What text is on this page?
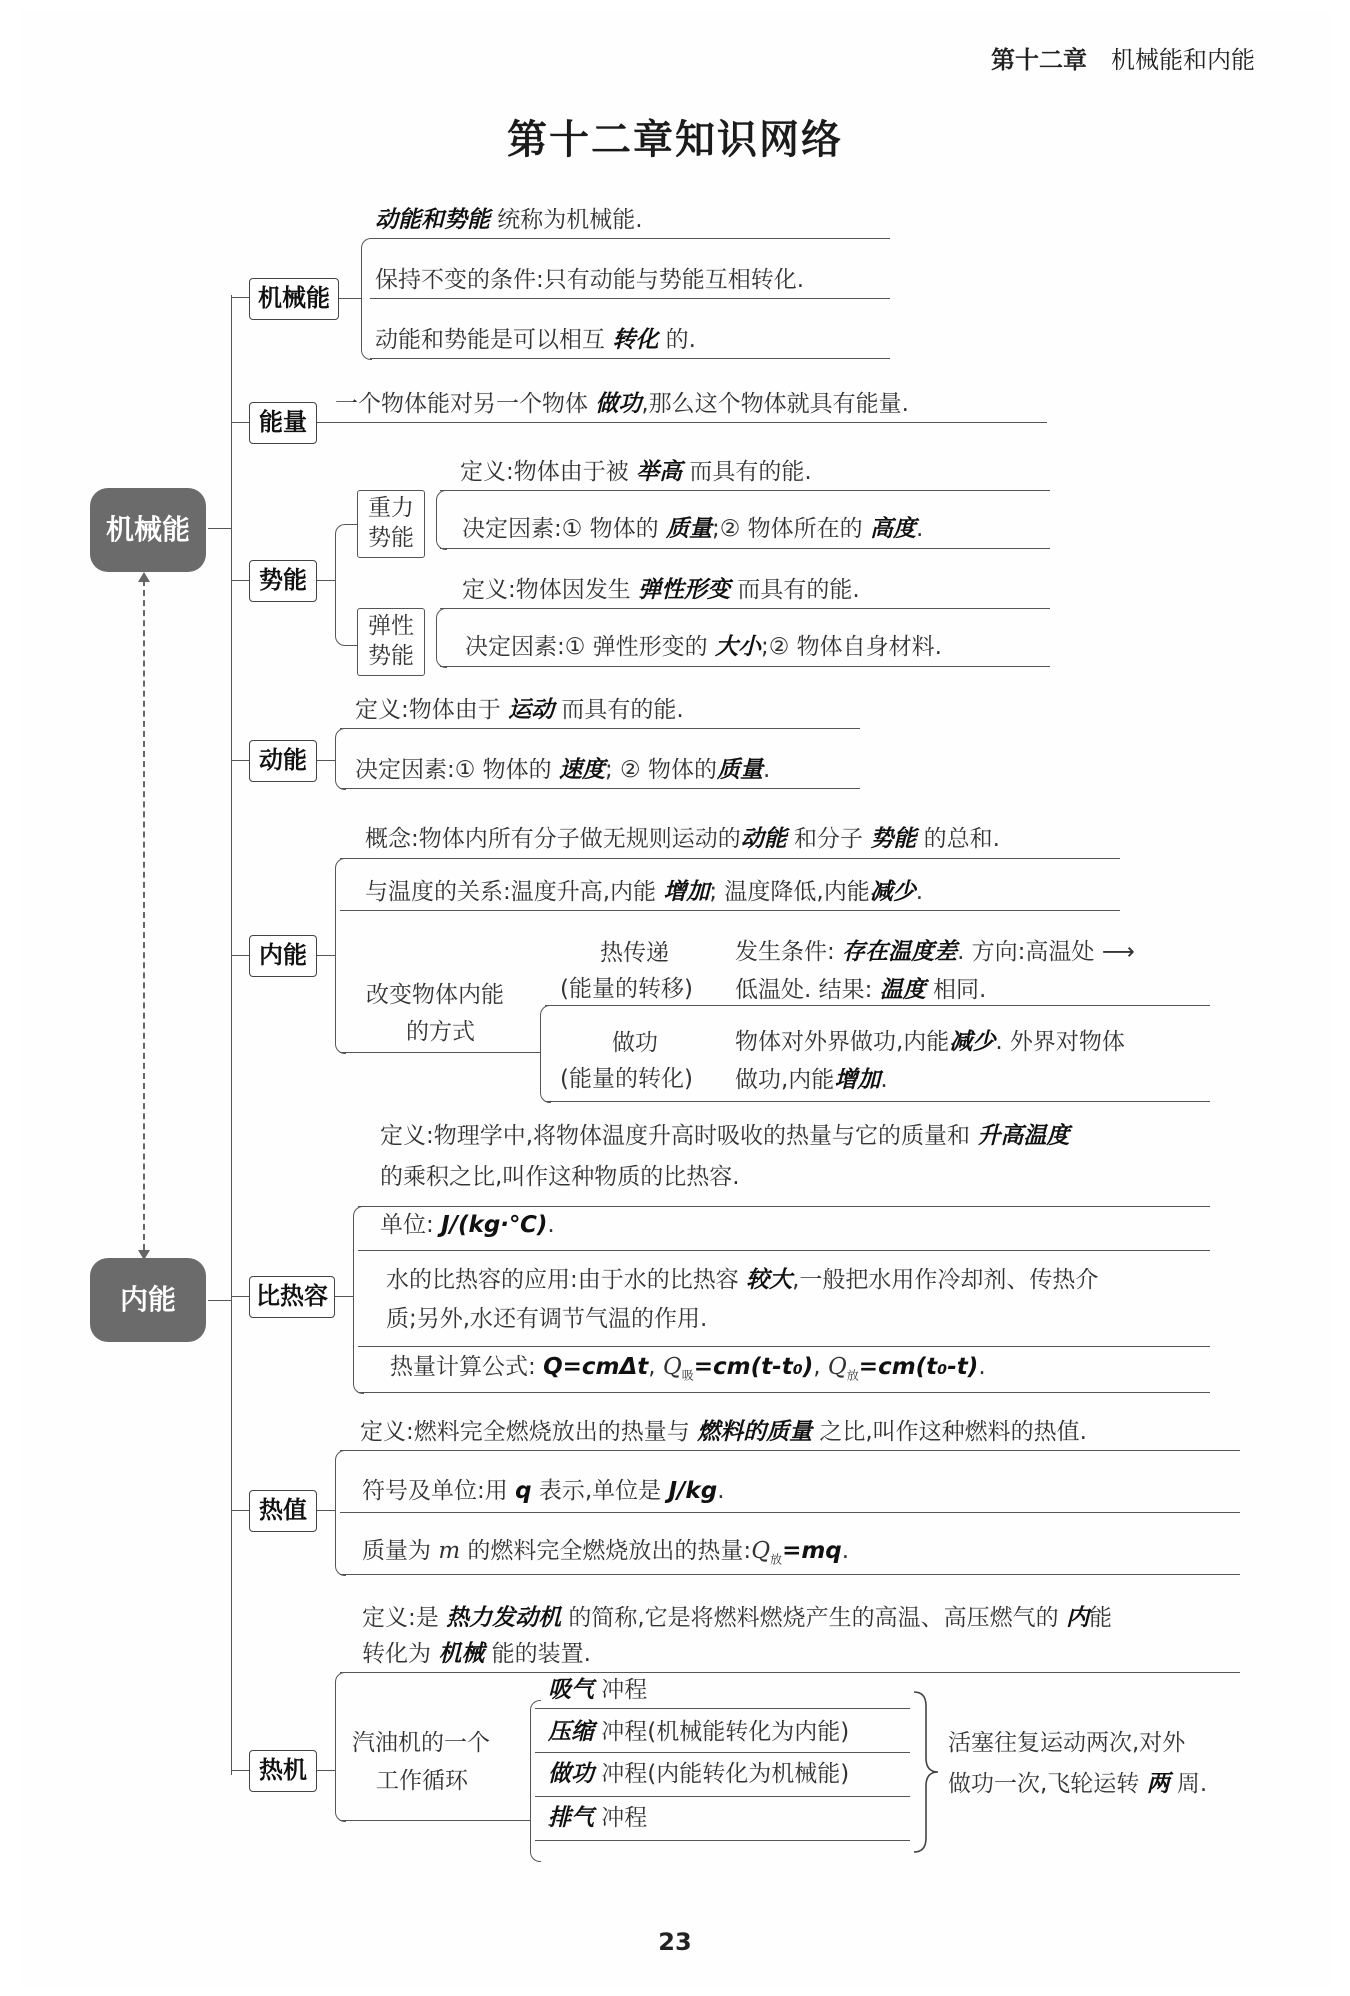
第十二章 机械能和内能
第十二章知识网络
机械能
内能
机械能
动能和势能 统称为机械能.
保持不变的条件:只有动能与势能互相转化.
动能和势能是可以相互 转化 的.
能量
一个物体能对另一个物体 做功,那么这个物体就具有能量.
势能
重力势能
弹性势能
定义:物体由于被 举高 而具有的能.
决定因素:① 物体的 质量;② 物体所在的 高度.
定义:物体因发生 弹性形变 而具有的能.
决定因素:① 弹性形变的 大小;② 物体自身材料.
动能
定义:物体由于 运动 而具有的能.
决定因素:① 物体的 速度; ② 物体的质量.
内能
概念:物体内所有分子做无规则运动的动能 和分子 势能 的总和.
与温度的关系:温度升高,内能 增加; 温度降低,内能减少.
改变物体内能
的方式
热传递
(能量的转移)
发生条件: 存在温度差. 方向:高温处 ⟶
低温处. 结果: 温度 相同.
做功
(能量的转化)
物体对外界做功,内能减少. 外界对物体
做功,内能增加.
比热容
定义:物理学中,将物体温度升高时吸收的热量与它的质量和 升高温度
的乘积之比,叫作这种物质的比热容.
单位: J/(kg·℃).
水的比热容的应用:由于水的比热容 较大,一般把水用作冷却剂、传热介
质;另外,水还有调节气温的作用.
热量计算公式: Q=cmΔt, $Q_吸=cm(t-t_0)$, $Q_放=cm(t_0-t)$.
热值
定义:燃料完全燃烧放出的热量与 燃料的质量 之比,叫作这种燃料的热值.
符号及单位:用 q 表示,单位是 J/kg.
质量为 m 的燃料完全燃烧放出的热量$:Q_放=mq$.
热机
定义:是 热力发动机 的简称,它是将燃料燃烧产生的高温、高压燃气的 内能
转化为 机械 能的装置.
汽油机的一个
工作循环
吸气 冲程
压缩 冲程(机械能转化为内能)
做功 冲程(内能转化为机械能)
排气 冲程
活塞往复运动两次,对外
做功一次,飞轮运转 两 周.
23
